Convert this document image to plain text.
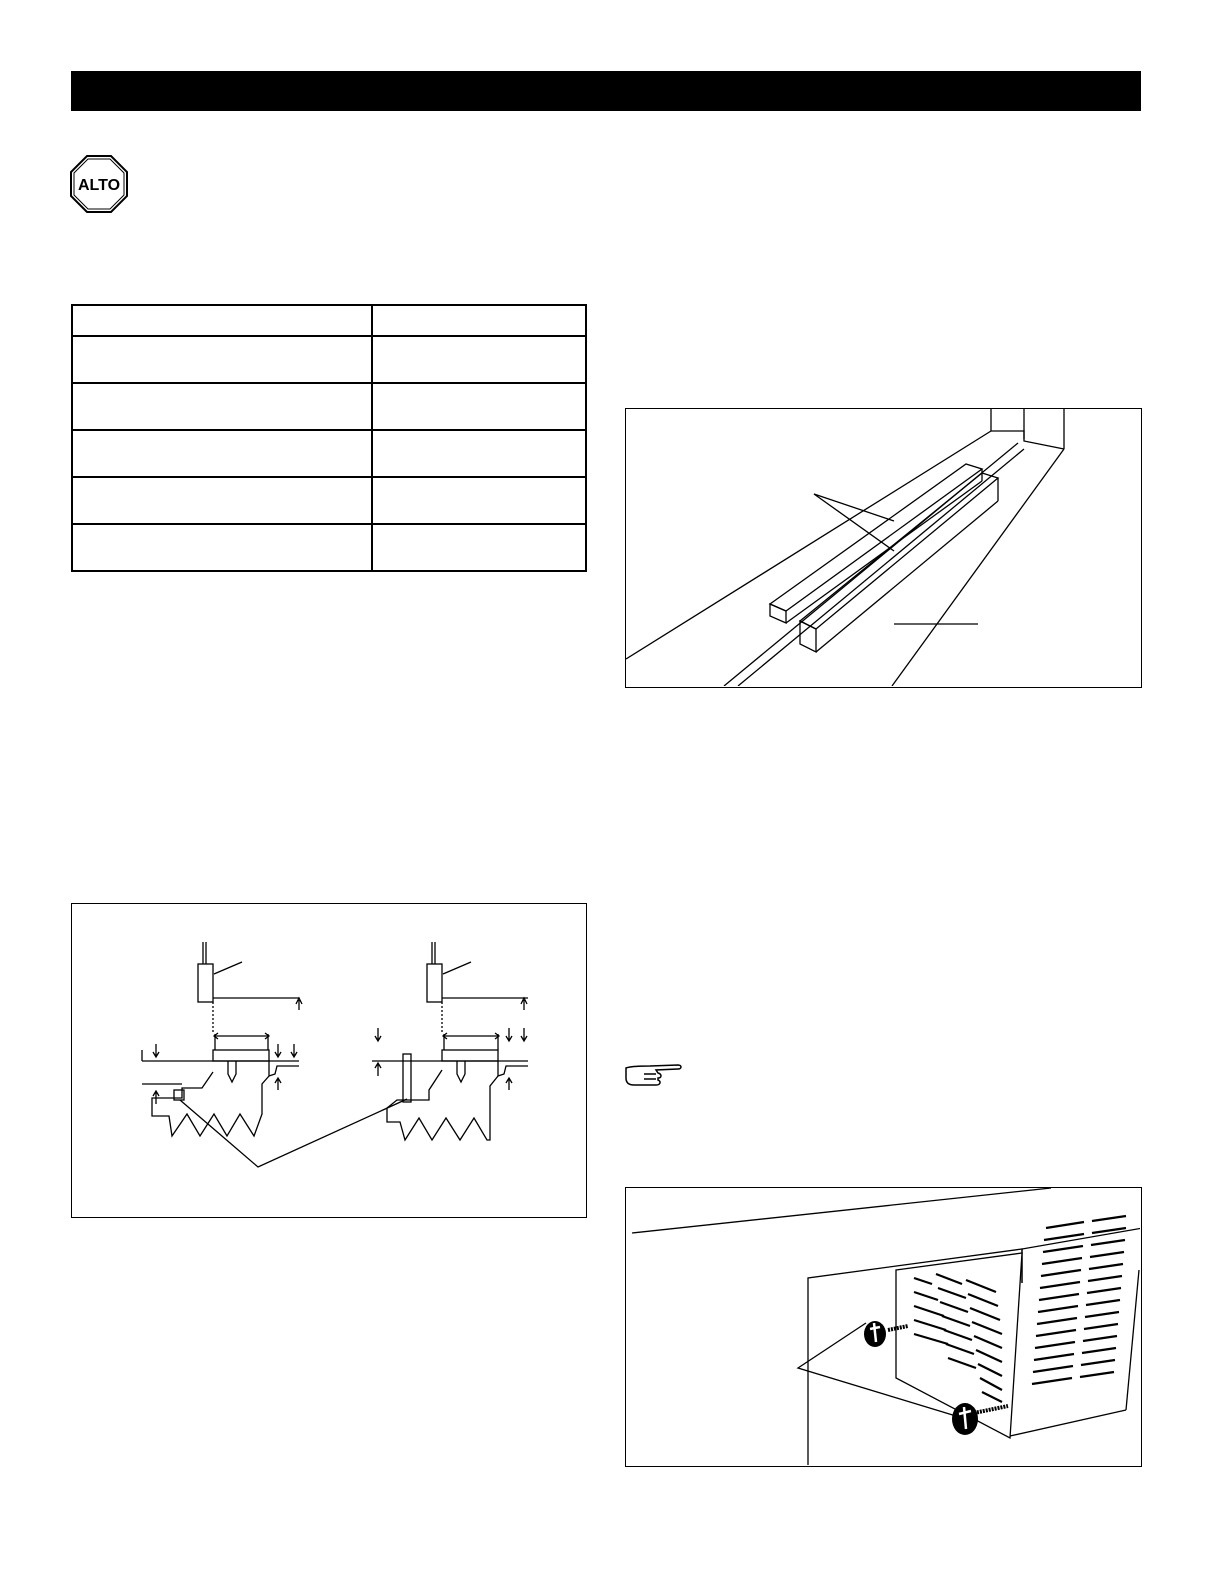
ALTO
